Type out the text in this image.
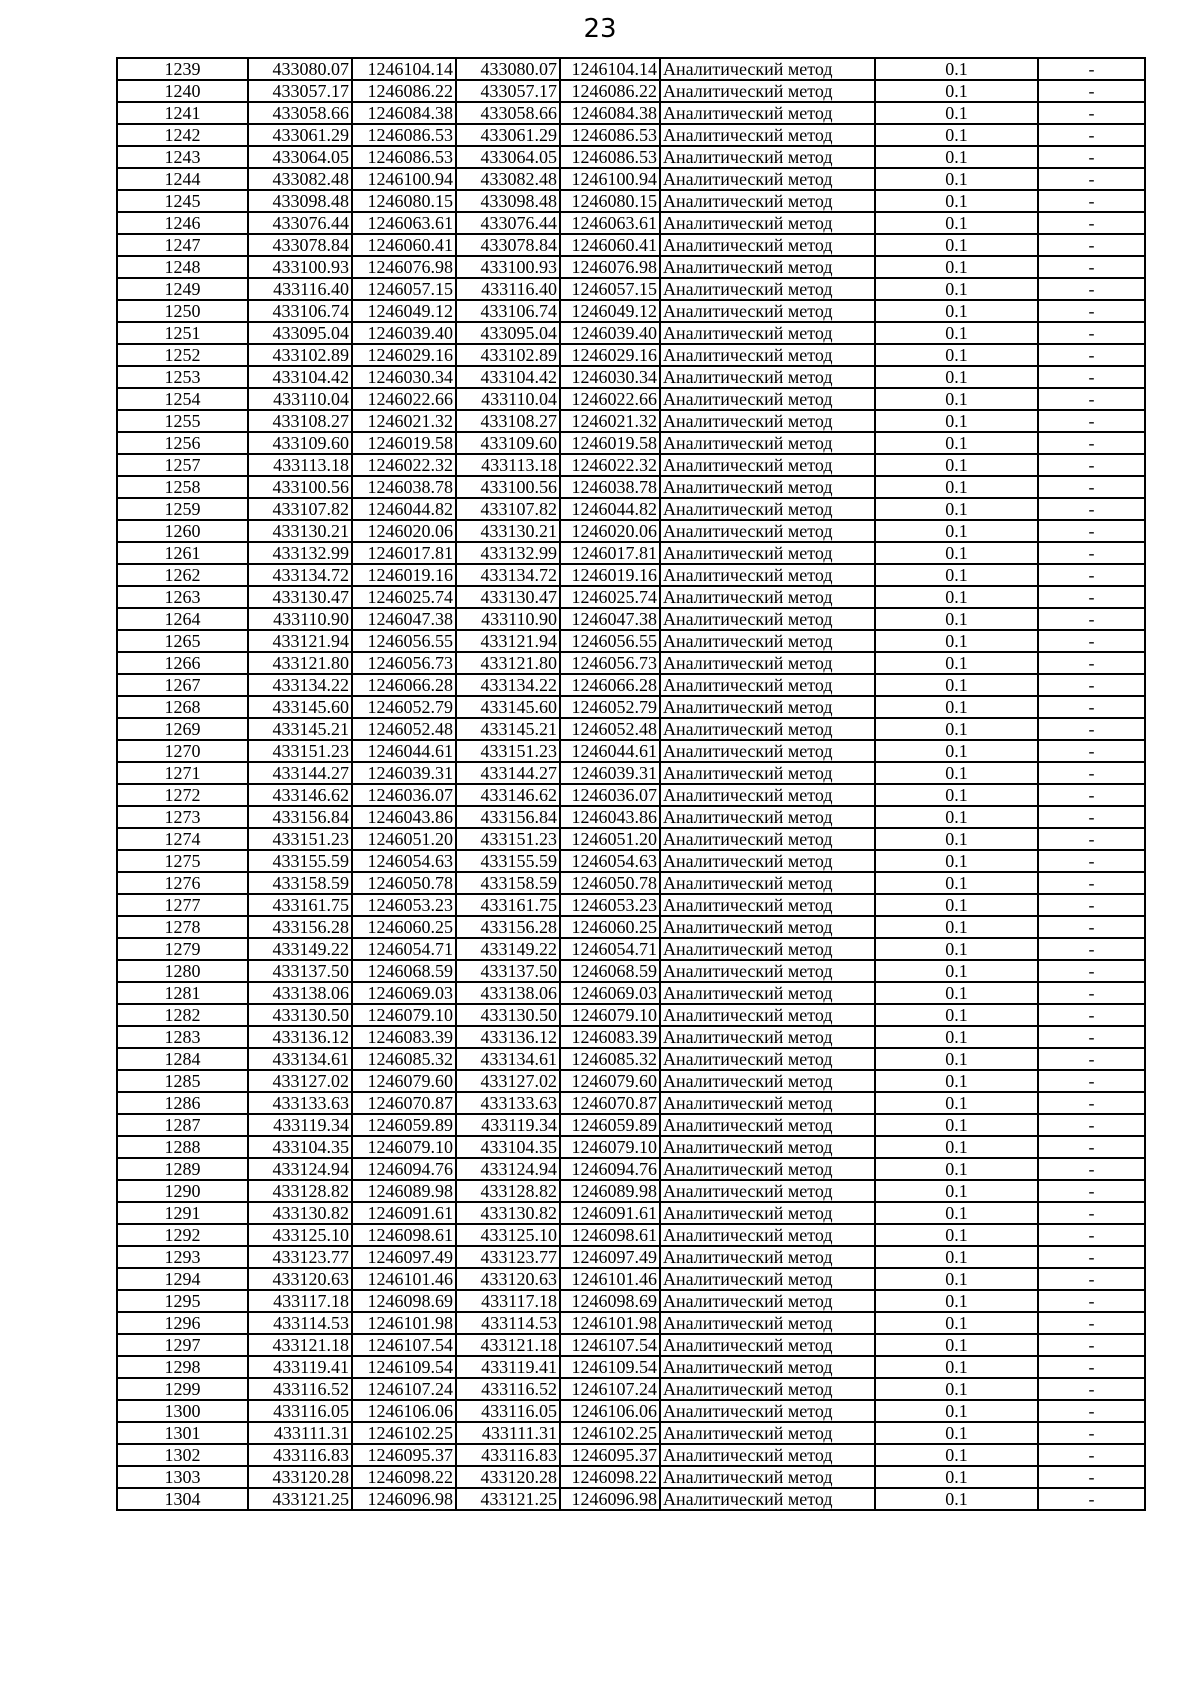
23
1239	433080.07	1246104.14	433080.07	1246104.14	Аналитический метод	0.1	-
1240	433057.17	1246086.22	433057.17	1246086.22	Аналитический метод	0.1	-
1241	433058.66	1246084.38	433058.66	1246084.38	Аналитический метод	0.1	-
1242	433061.29	1246086.53	433061.29	1246086.53	Аналитический метод	0.1	-
1243	433064.05	1246086.53	433064.05	1246086.53	Аналитический метод	0.1	-
1244	433082.48	1246100.94	433082.48	1246100.94	Аналитический метод	0.1	-
1245	433098.48	1246080.15	433098.48	1246080.15	Аналитический метод	0.1	-
1246	433076.44	1246063.61	433076.44	1246063.61	Аналитический метод	0.1	-
1247	433078.84	1246060.41	433078.84	1246060.41	Аналитический метод	0.1	-
1248	433100.93	1246076.98	433100.93	1246076.98	Аналитический метод	0.1	-
1249	433116.40	1246057.15	433116.40	1246057.15	Аналитический метод	0.1	-
1250	433106.74	1246049.12	433106.74	1246049.12	Аналитический метод	0.1	-
1251	433095.04	1246039.40	433095.04	1246039.40	Аналитический метод	0.1	-
1252	433102.89	1246029.16	433102.89	1246029.16	Аналитический метод	0.1	-
1253	433104.42	1246030.34	433104.42	1246030.34	Аналитический метод	0.1	-
1254	433110.04	1246022.66	433110.04	1246022.66	Аналитический метод	0.1	-
1255	433108.27	1246021.32	433108.27	1246021.32	Аналитический метод	0.1	-
1256	433109.60	1246019.58	433109.60	1246019.58	Аналитический метод	0.1	-
1257	433113.18	1246022.32	433113.18	1246022.32	Аналитический метод	0.1	-
1258	433100.56	1246038.78	433100.56	1246038.78	Аналитический метод	0.1	-
1259	433107.82	1246044.82	433107.82	1246044.82	Аналитический метод	0.1	-
1260	433130.21	1246020.06	433130.21	1246020.06	Аналитический метод	0.1	-
1261	433132.99	1246017.81	433132.99	1246017.81	Аналитический метод	0.1	-
1262	433134.72	1246019.16	433134.72	1246019.16	Аналитический метод	0.1	-
1263	433130.47	1246025.74	433130.47	1246025.74	Аналитический метод	0.1	-
1264	433110.90	1246047.38	433110.90	1246047.38	Аналитический метод	0.1	-
1265	433121.94	1246056.55	433121.94	1246056.55	Аналитический метод	0.1	-
1266	433121.80	1246056.73	433121.80	1246056.73	Аналитический метод	0.1	-
1267	433134.22	1246066.28	433134.22	1246066.28	Аналитический метод	0.1	-
1268	433145.60	1246052.79	433145.60	1246052.79	Аналитический метод	0.1	-
1269	433145.21	1246052.48	433145.21	1246052.48	Аналитический метод	0.1	-
1270	433151.23	1246044.61	433151.23	1246044.61	Аналитический метод	0.1	-
1271	433144.27	1246039.31	433144.27	1246039.31	Аналитический метод	0.1	-
1272	433146.62	1246036.07	433146.62	1246036.07	Аналитический метод	0.1	-
1273	433156.84	1246043.86	433156.84	1246043.86	Аналитический метод	0.1	-
1274	433151.23	1246051.20	433151.23	1246051.20	Аналитический метод	0.1	-
1275	433155.59	1246054.63	433155.59	1246054.63	Аналитический метод	0.1	-
1276	433158.59	1246050.78	433158.59	1246050.78	Аналитический метод	0.1	-
1277	433161.75	1246053.23	433161.75	1246053.23	Аналитический метод	0.1	-
1278	433156.28	1246060.25	433156.28	1246060.25	Аналитический метод	0.1	-
1279	433149.22	1246054.71	433149.22	1246054.71	Аналитический метод	0.1	-
1280	433137.50	1246068.59	433137.50	1246068.59	Аналитический метод	0.1	-
1281	433138.06	1246069.03	433138.06	1246069.03	Аналитический метод	0.1	-
1282	433130.50	1246079.10	433130.50	1246079.10	Аналитический метод	0.1	-
1283	433136.12	1246083.39	433136.12	1246083.39	Аналитический метод	0.1	-
1284	433134.61	1246085.32	433134.61	1246085.32	Аналитический метод	0.1	-
1285	433127.02	1246079.60	433127.02	1246079.60	Аналитический метод	0.1	-
1286	433133.63	1246070.87	433133.63	1246070.87	Аналитический метод	0.1	-
1287	433119.34	1246059.89	433119.34	1246059.89	Аналитический метод	0.1	-
1288	433104.35	1246079.10	433104.35	1246079.10	Аналитический метод	0.1	-
1289	433124.94	1246094.76	433124.94	1246094.76	Аналитический метод	0.1	-
1290	433128.82	1246089.98	433128.82	1246089.98	Аналитический метод	0.1	-
1291	433130.82	1246091.61	433130.82	1246091.61	Аналитический метод	0.1	-
1292	433125.10	1246098.61	433125.10	1246098.61	Аналитический метод	0.1	-
1293	433123.77	1246097.49	433123.77	1246097.49	Аналитический метод	0.1	-
1294	433120.63	1246101.46	433120.63	1246101.46	Аналитический метод	0.1	-
1295	433117.18	1246098.69	433117.18	1246098.69	Аналитический метод	0.1	-
1296	433114.53	1246101.98	433114.53	1246101.98	Аналитический метод	0.1	-
1297	433121.18	1246107.54	433121.18	1246107.54	Аналитический метод	0.1	-
1298	433119.41	1246109.54	433119.41	1246109.54	Аналитический метод	0.1	-
1299	433116.52	1246107.24	433116.52	1246107.24	Аналитический метод	0.1	-
1300	433116.05	1246106.06	433116.05	1246106.06	Аналитический метод	0.1	-
1301	433111.31	1246102.25	433111.31	1246102.25	Аналитический метод	0.1	-
1302	433116.83	1246095.37	433116.83	1246095.37	Аналитический метод	0.1	-
1303	433120.28	1246098.22	433120.28	1246098.22	Аналитический метод	0.1	-
1304	433121.25	1246096.98	433121.25	1246096.98	Аналитический метод	0.1	-
